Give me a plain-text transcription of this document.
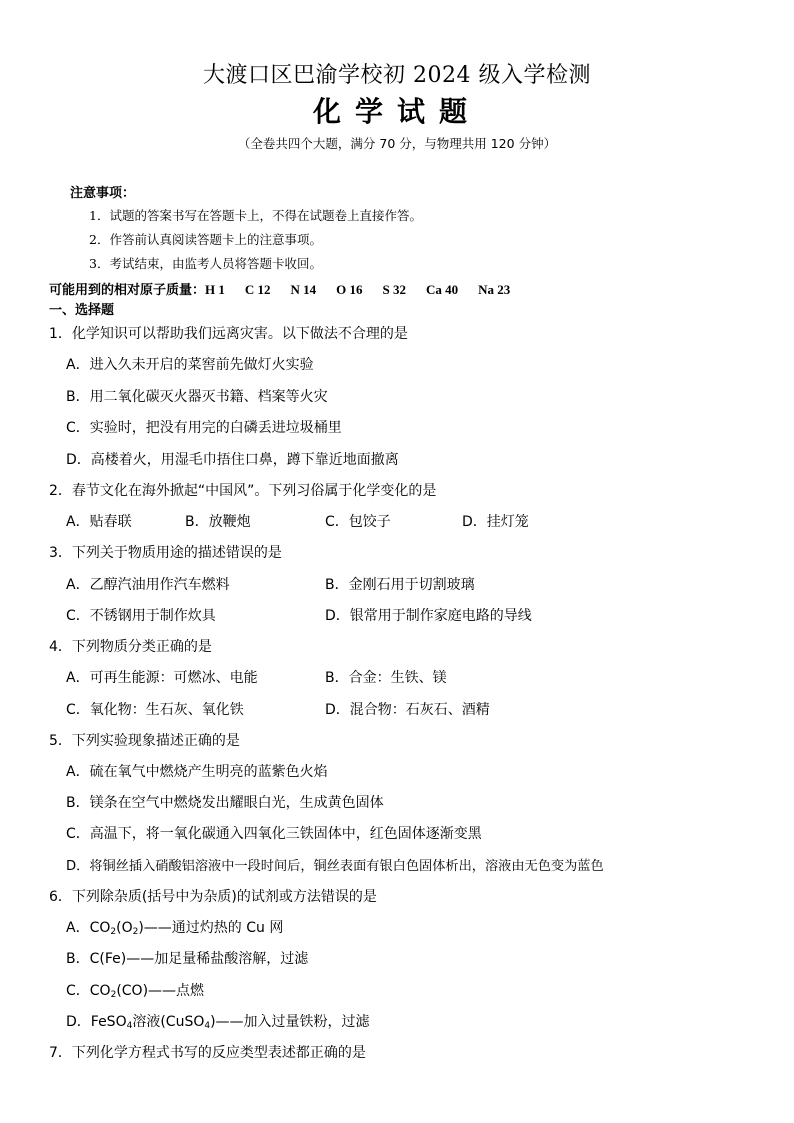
大渡口区巴渝学校初 2024 级入学检测
化学试题
（全卷共四个大题，满分 70 分，与物理共用 120 分钟）
注意事项：
1．试题的答案书写在答题卡上，不得在试题卷上直接作答。
2．作答前认真阅读答题卡上的注意事项。
3．考试结束，由监考人员将答题卡收回。
可能用到的相对原子质量：H 1 C 12 N 14 O 16 S 32 Ca 40 Na 23
一、选择题
1．化学知识可以帮助我们远离灾害。以下做法不合理的是
A．进入久未开启的菜窖前先做灯火实验
B．用二氧化碳灭火器灭书籍、档案等火灾
C．实验时，把没有用完的白磷丢进垃圾桶里
D．高楼着火，用湿毛巾捂住口鼻，蹲下靠近地面撤离
2．春节文化在海外掀起“中国风”。下列习俗属于化学变化的是
A．贴春联	B．放鞭炮	C．包饺子	D．挂灯笼
3．下列关于物质用途的描述错误的是
A．乙醇汽油用作汽车燃料	B．金刚石用于切割玻璃
C．不锈钢用于制作炊具	D．银常用于制作家庭电路的导线
4．下列物质分类正确的是
A．可再生能源：可燃冰、电能	B．合金：生铁、镁
C．氧化物：生石灰、氧化铁	D．混合物：石灰石、酒精
5．下列实验现象描述正确的是
A．硫在氧气中燃烧产生明亮的蓝紫色火焰
B．镁条在空气中燃烧发出耀眼白光，生成黄色固体
C．高温下，将一氧化碳通入四氧化三铁固体中，红色固体逐渐变黑
D．将铜丝插入硝酸铝溶液中一段时间后，铜丝表面有银白色固体析出，溶液由无色变为蓝色
6．下列除杂质(括号中为杂质)的试剂或方法错误的是
A．$CO_2(O_2)——$通过灼热的 Cu 网
B．C(Fe)——加足量稀盐酸溶解，过滤
C．$CO_2(CO)——$点燃
D．FeSO$_4$溶液(CuSO$_4$)——加入过量铁粉，过滤
7．下列化学方程式书写的反应类型表述都正确的是
